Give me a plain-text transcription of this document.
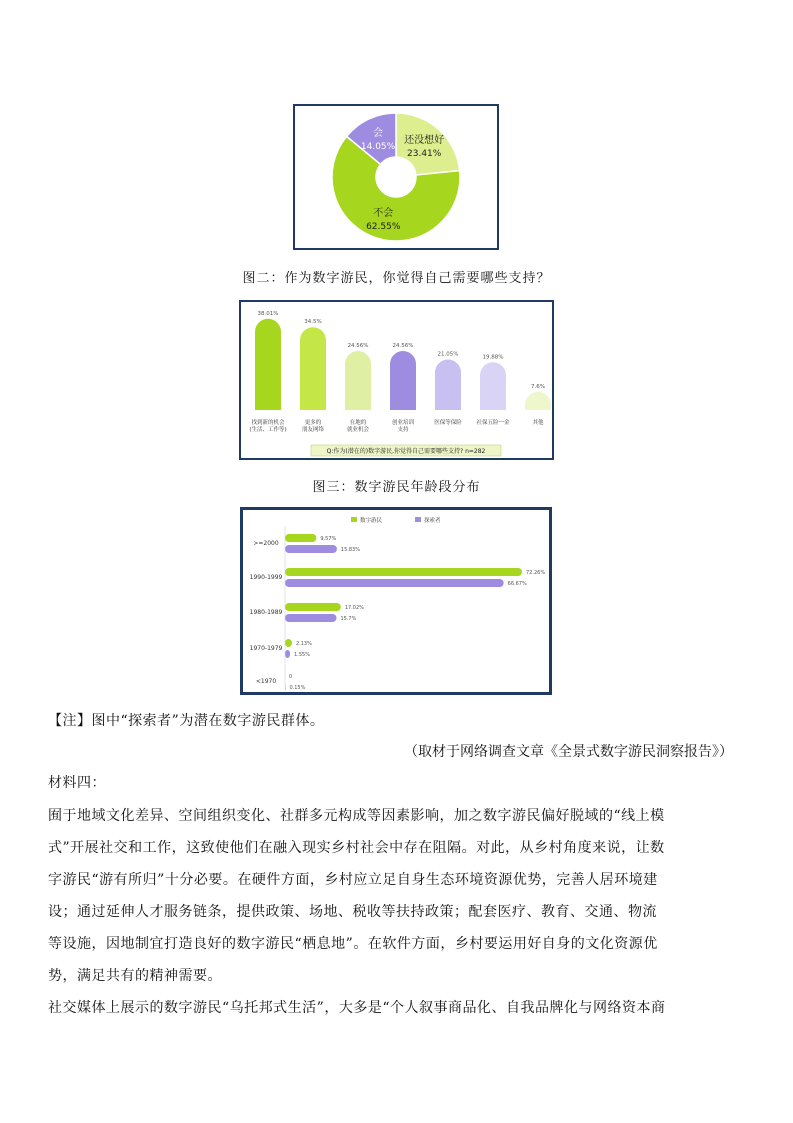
还没想好
23.41%
不会
62.55%
会
14.05%
图二：作为数字游民，你觉得自己需要哪些支持？
38.01%
找到新的机会
(生活、工作等)
34.5%
更多的
朋友网络
24.56%
在地的
就业机会
24.56%
创业培训
支持
21.05%
医保等保险
19.88%
社保五险一金
7.6%
其他
Q:作为(潜在的)数字游民,你觉得自己需要哪些支持? n=282
图三：数字游民年龄段分布
数字游民	探索者
>=2000
9.57%
15.83%
1990-1999
72.26%
66.67%
1980-1989
17.02%
15.7%
1970-1979
2.13%
1.55%
<1970
0
0.15%
【注】图中“探索者”为潜在数字游民群体。
（取材于网络调查文章《全景式数字游民洞察报告》）
材料四：
囿于地域文化差异、空间组织变化、社群多元构成等因素影响，加之数字游民偏好脱域的“线上模
式”开展社交和工作，这致使他们在融入现实乡村社会中存在阻隔。对此，从乡村角度来说，让数
字游民“游有所归”十分必要。在硬件方面，乡村应立足自身生态环境资源优势，完善人居环境建
设；通过延伸人才服务链条，提供政策、场地、税收等扶持政策；配套医疗、教育、交通、物流
等设施，因地制宜打造良好的数字游民“栖息地”。在软件方面，乡村要运用好自身的文化资源优
势，满足共有的精神需要。
社交媒体上展示的数字游民“乌托邦式生活”，大多是“个人叙事商品化、自我品牌化与网络资本商
